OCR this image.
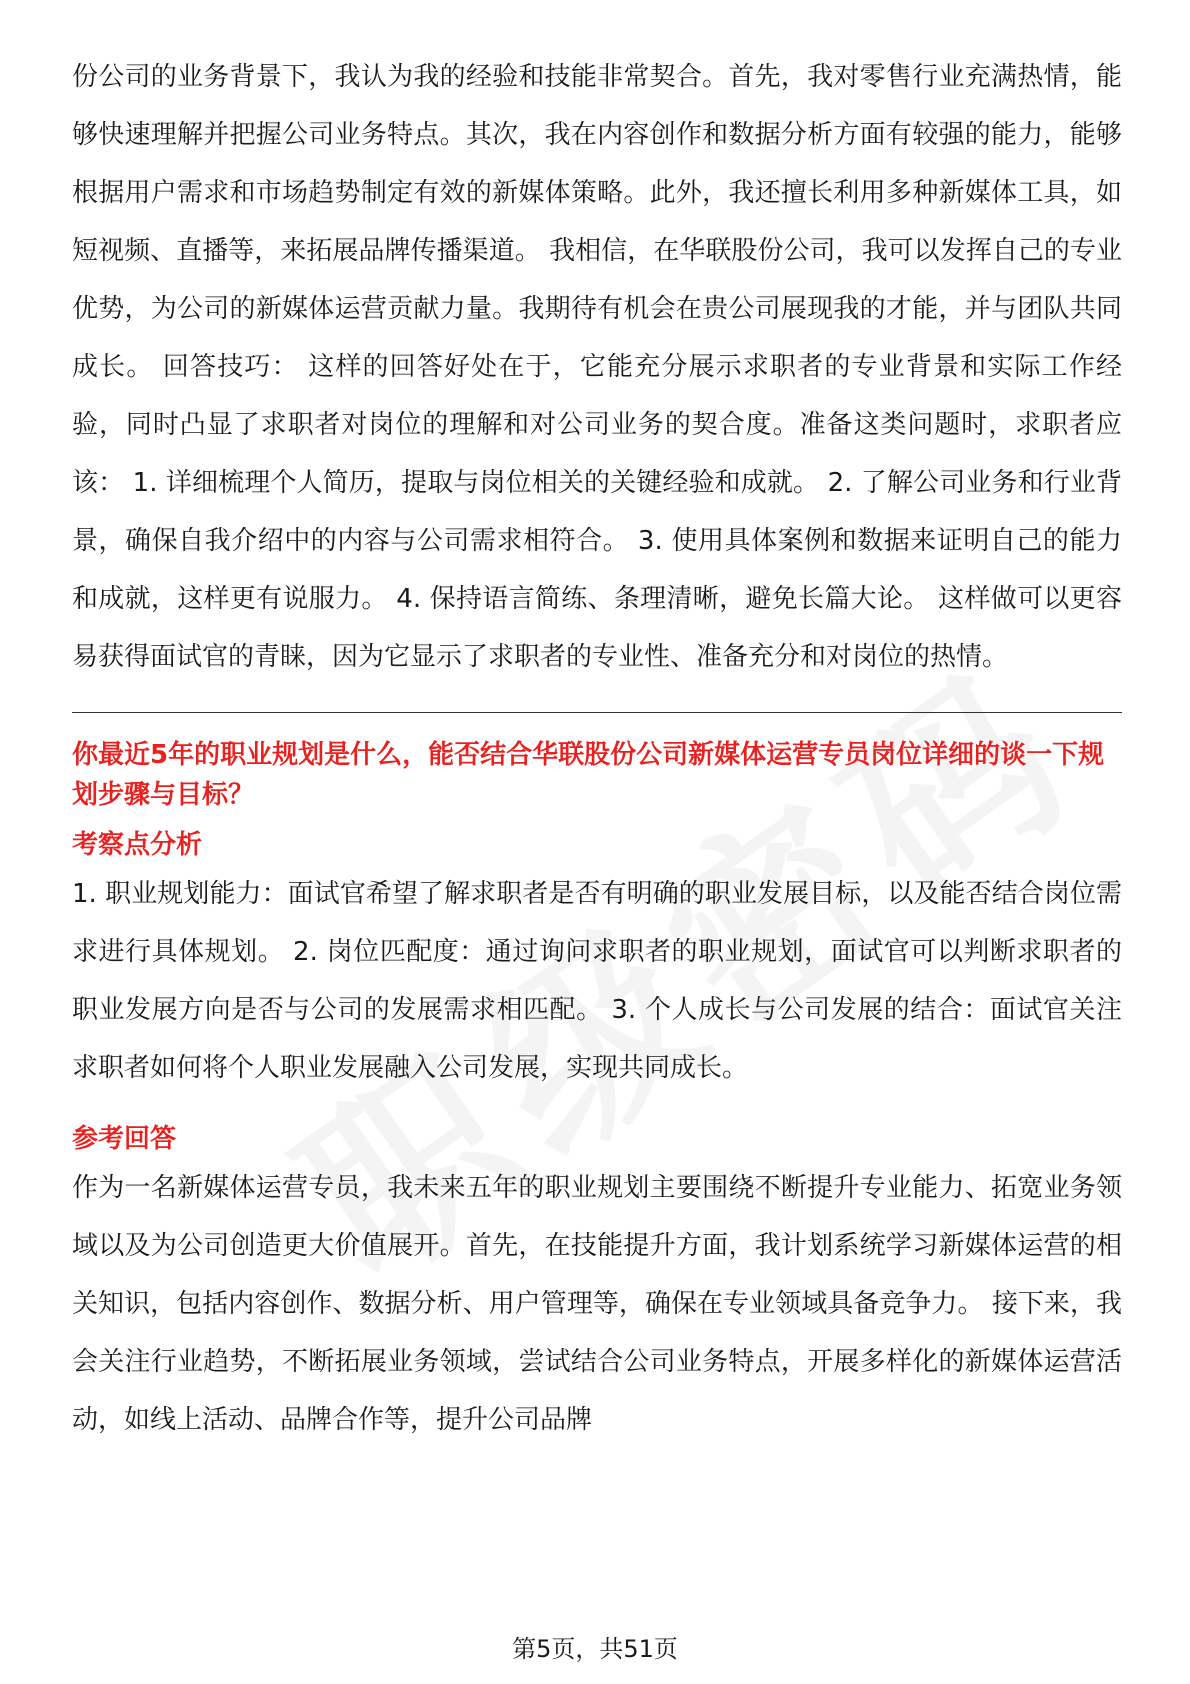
份公司的业务背景下，我认为我的经验和技能非常契合。首先，我对零售行业充满热情，能够快速理解并把握公司业务特点。其次，我在内容创作和数据分析方面有较强的能力，能够根据用户需求和市场趋势制定有效的新媒体策略。此外，我还擅长利用多种新媒体工具，如短视频、直播等，来拓展品牌传播渠道。 我相信，在华联股份公司，我可以发挥自己的专业优势，为公司的新媒体运营贡献力量。我期待有机会在贵公司展现我的才能，并与团队共同成长。 回答技巧： 这样的回答好处在于，它能充分展示求职者的专业背景和实际工作经验，同时凸显了求职者对岗位的理解和对公司业务的契合度。准备这类问题时，求职者应该： 1. 详细梳理个人简历，提取与岗位相关的关键经验和成就。 2. 了解公司业务和行业背景，确保自我介绍中的内容与公司需求相符合。 3. 使用具体案例和数据来证明自己的能力和成就，这样更有说服力。 4. 保持语言简练、条理清晰，避免长篇大论。 这样做可以更容易获得面试官的青睐，因为它显示了求职者的专业性、准备充分和对岗位的热情。

你最近5年的职业规划是什么，能否结合华联股份公司新媒体运营专员岗位详细的谈一下规划步骤与目标？

考察点分析

1. 职业规划能力：面试官希望了解求职者是否有明确的职业发展目标，以及能否结合岗位需求进行具体规划。 2. 岗位匹配度：通过询问求职者的职业规划，面试官可以判断求职者的职业发展方向是否与公司的发展需求相匹配。 3. 个人成长与公司发展的结合：面试官关注求职者如何将个人职业发展融入公司发展，实现共同成长。

参考回答

作为一名新媒体运营专员，我未来五年的职业规划主要围绕不断提升专业能力、拓宽业务领域以及为公司创造更大价值展开。首先，在技能提升方面，我计划系统学习新媒体运营的相关知识，包括内容创作、数据分析、用户管理等，确保在专业领域具备竞争力。 接下来，我会关注行业趋势，不断拓展业务领域，尝试结合公司业务特点，开展多样化的新媒体运营活动，如线上活动、品牌合作等，提升公司品牌

第5页，共51页
